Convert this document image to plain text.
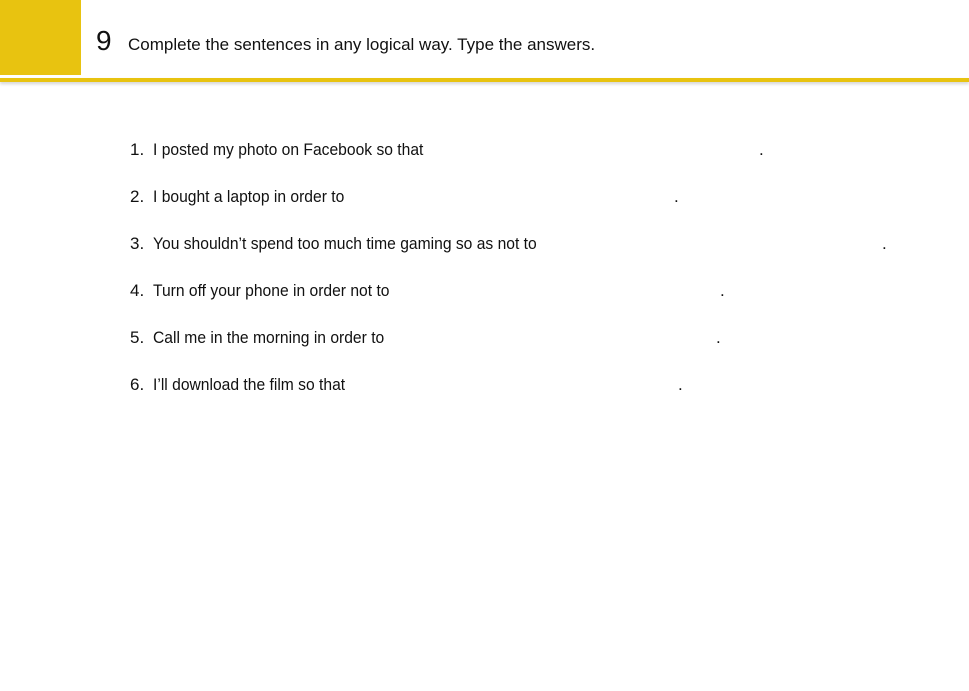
9 Complete the sentences in any logical way. Type the answers.
1. I posted my photo on Facebook so that	.
2. I bought a laptop in order to	.
3. You shouldn’t spend too much time gaming so as not to	.
4. Turn off your phone in order not to	.
5. Call me in the morning in order to	.
6. I’ll download the film so that	.
